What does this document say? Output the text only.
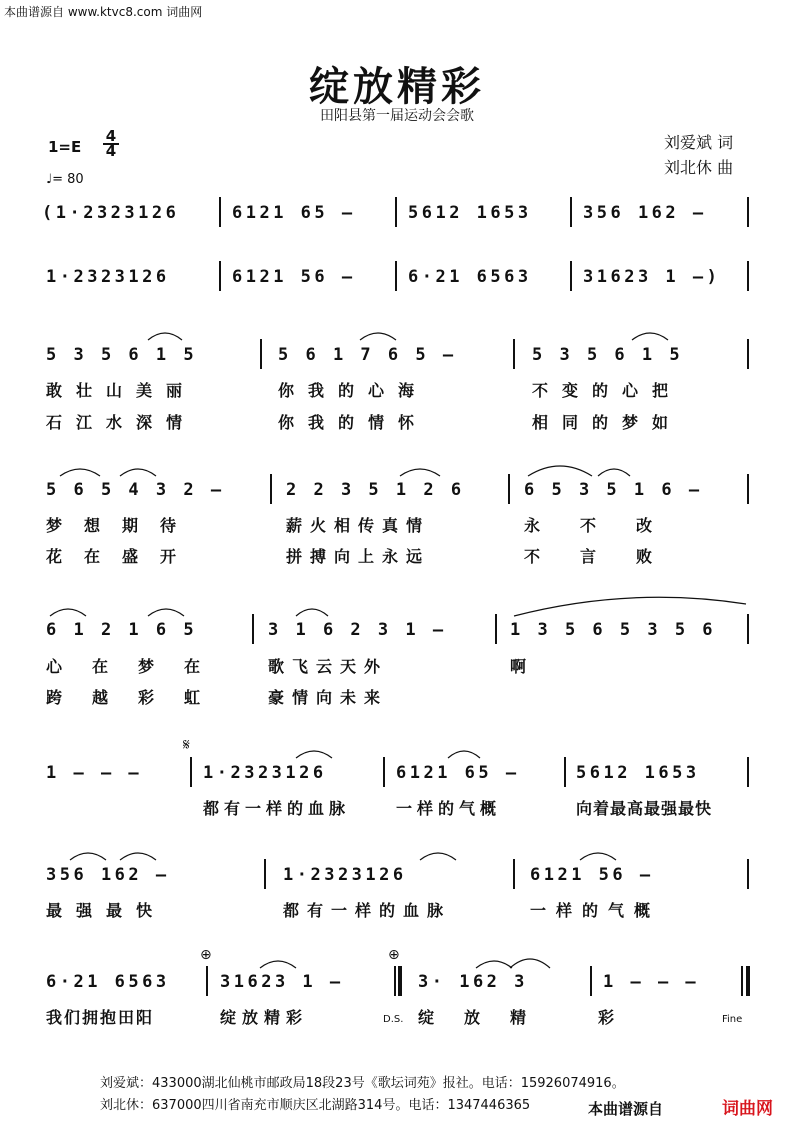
本曲谱源自 www.ktvc8.com 词曲网
绽放精彩
田阳县第一届运动会会歌
刘爱斌 词
刘北休 曲
$1=E \frac{4}{4}$
♩= 80
(1·2323126	6121 65 –	5612 1653	356 162 –
1·2323126	6121 56 –	6·21 6563	31623 1 –)
5 3 5 6 1 5	5 6 1 7 6 5 –	5 3 5 6 1 5
敢壮山美丽	你我的心海	不变的心把
石江水深情	你我的情怀	相同的梦如
5 6 5 4 3 2 –	2 2 3 5 1 2 6	6 5 3 5 1 6 –
梦想期待	薪火相传真情	永不改
花在盛开	拼搏向上永远	不言败
6 1 2 1 6 5	3 1 6 2 3 1 –	1 3 5 6 5 3 5 6
心在梦在 歌飞云天外	啊
跨越彩虹 豪情向未来
𝄋
1 – – –	1·2323126	6121 65 –	5612 1653
都有一样的血脉	一样的气概	向着最高最强最快
356 162 –	1·2323126	6121 56 –
最强最快	都有一样的血脉	一样的气概
⊕	⊕
6·21 6563	31623 1 –	3· 162 3	1 – – –
我们拥抱田阳	绽放精彩	绽放精	彩
D.S.	Fine
刘爱斌：433000湖北仙桃市邮政局18段23号《歌坛词苑》报社。电话：15926074916。
刘北休：637000四川省南充市顺庆区北湖路314号。电话：1347446365	本曲谱源自	词曲网
